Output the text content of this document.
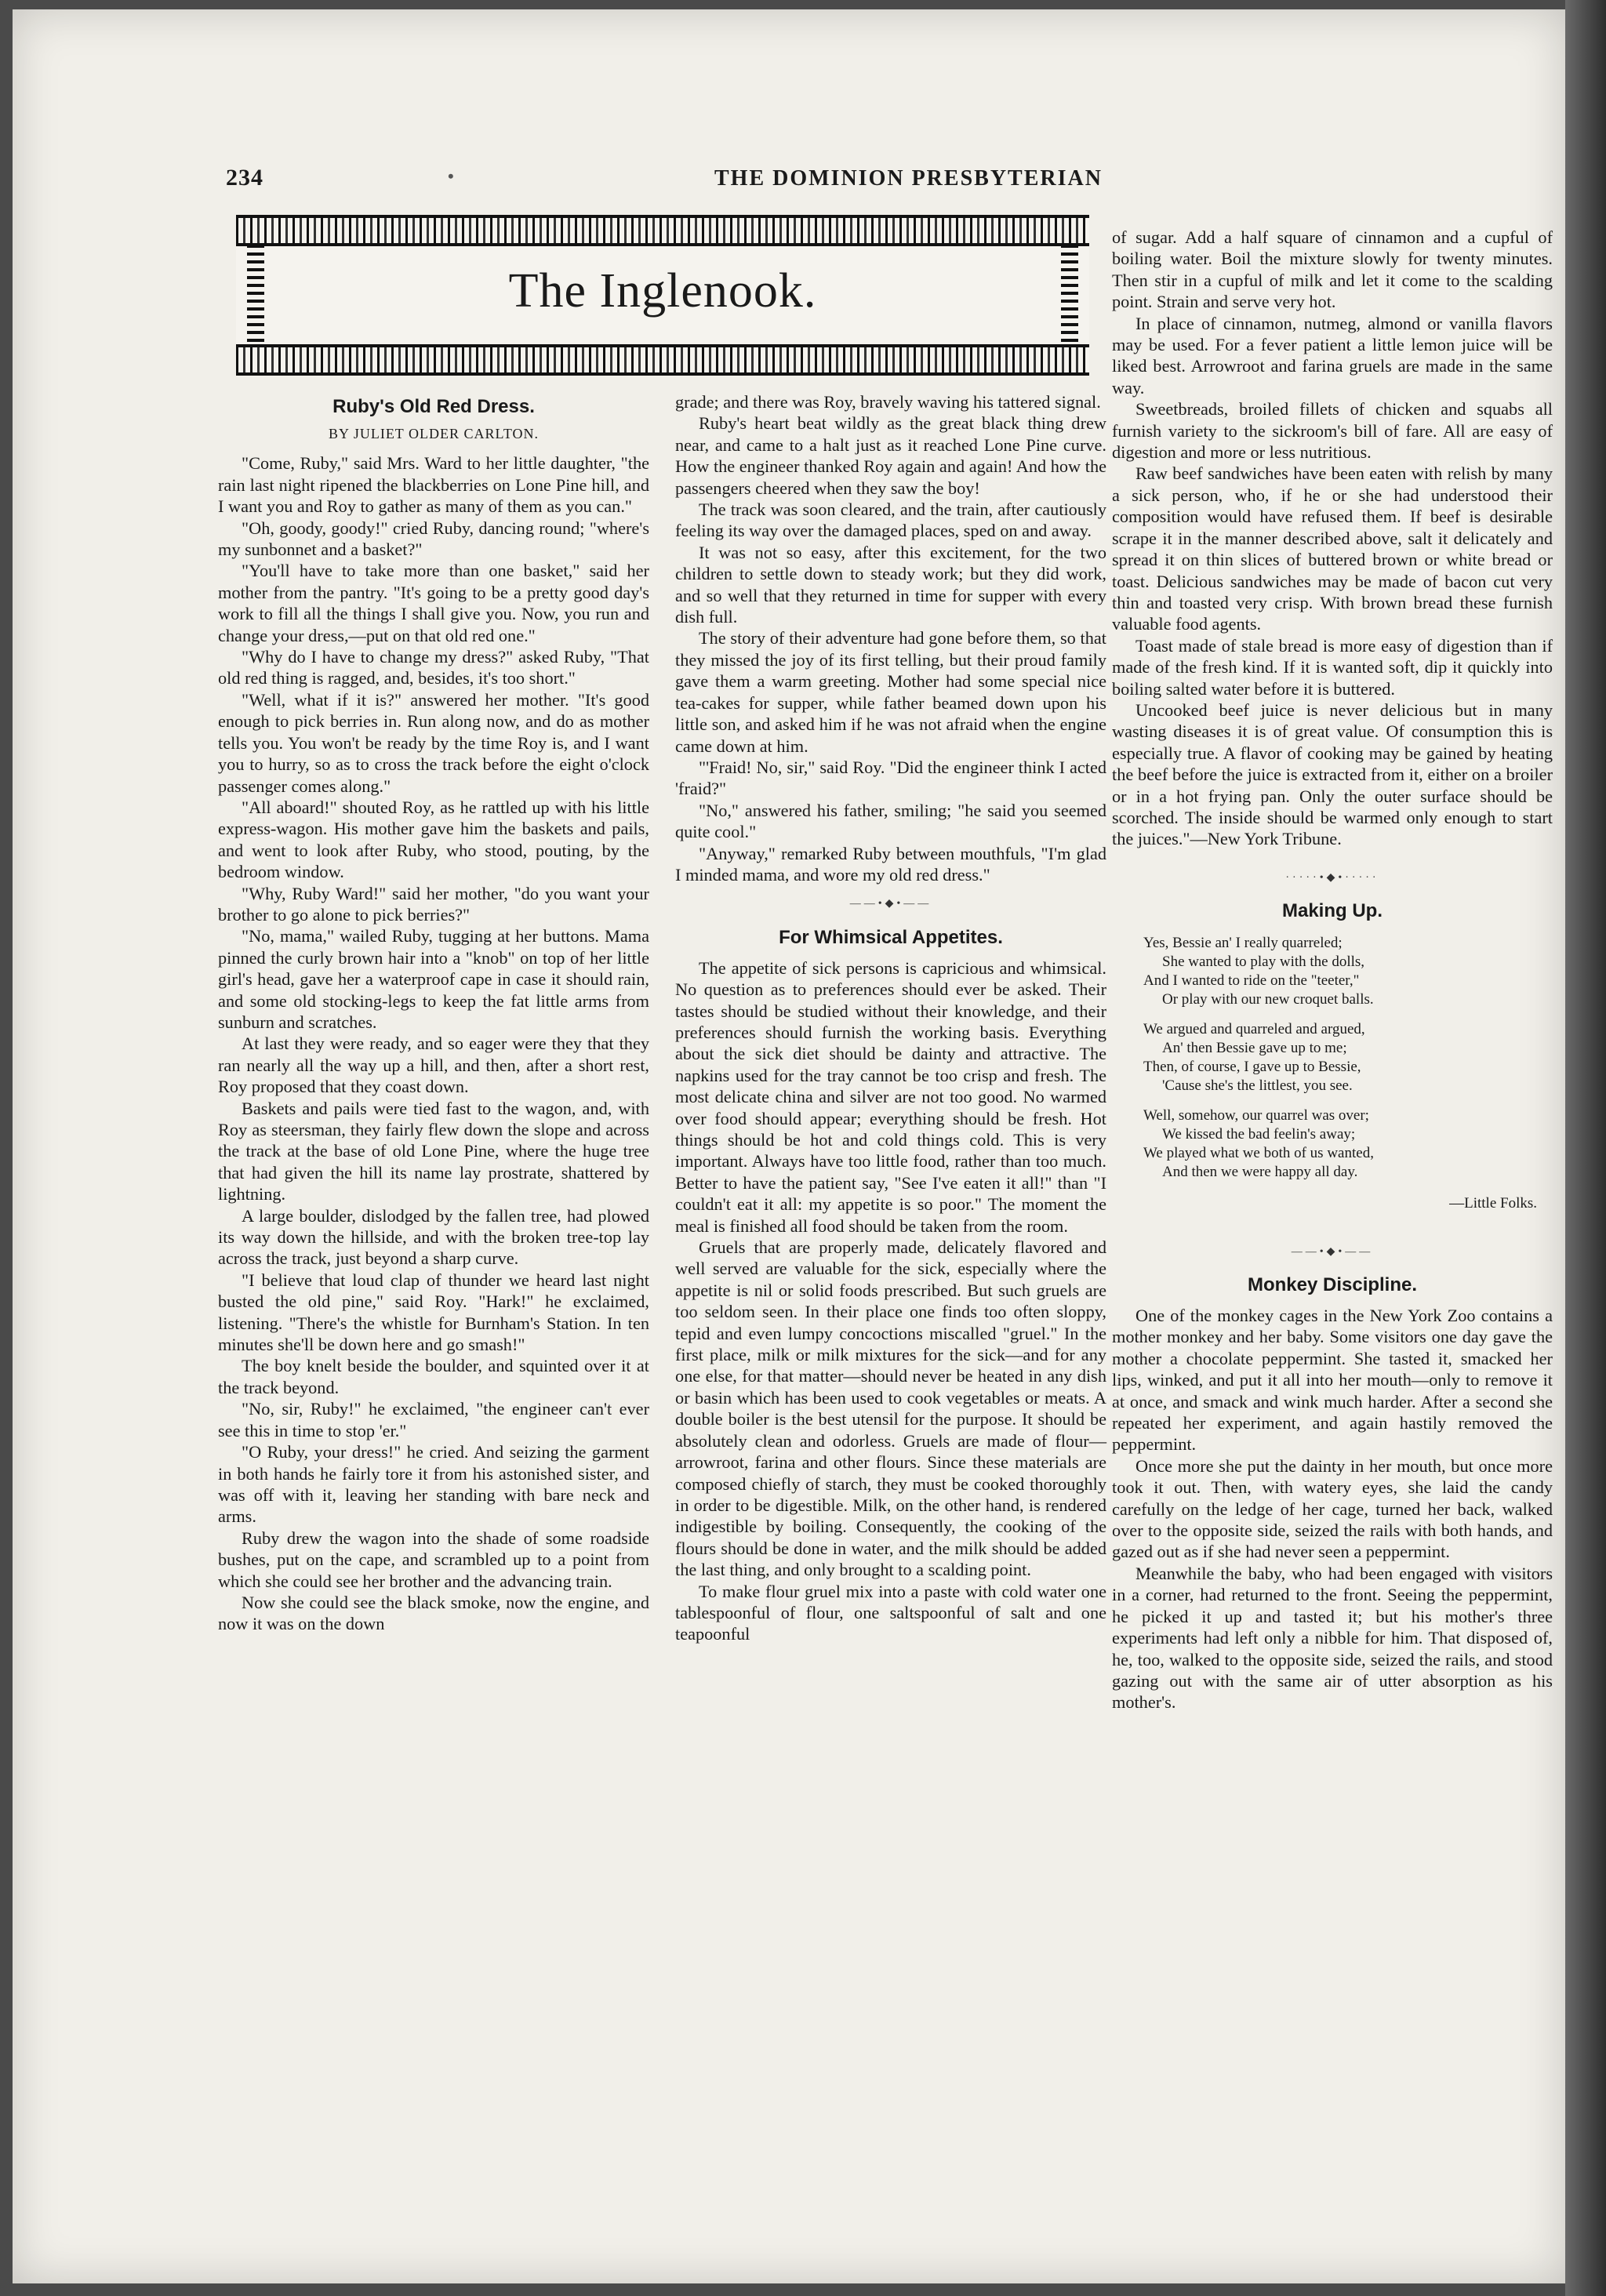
234	•	THE DOMINION PRESBYTERIAN
The Inglenook.
Ruby's Old Red Dress.
BY JULIET OLDER CARLTON.

"Come, Ruby," said Mrs. Ward to her little daughter, "the rain last night ripened the blackberries on Lone Pine hill, and I want you and Roy to gather as many of them as you can."

"Oh, goody, goody!" cried Ruby, dancing round; "where's my sunbonnet and a basket?"

"You'll have to take more than one basket," said her mother from the pantry. "It's going to be a pretty good day's work to fill all the things I shall give you. Now, you run and change your dress,—put on that old red one."

"Why do I have to change my dress?" asked Ruby, "That old red thing is ragged, and, besides, it's too short."

"Well, what if it is?" answered her mother. "It's good enough to pick berries in. Run along now, and do as mother tells you. You won't be ready by the time Roy is, and I want you to hurry, so as to cross the track before the eight o'clock passenger comes along."

"All aboard!" shouted Roy, as he rattled up with his little express-wagon. His mother gave him the baskets and pails, and went to look after Ruby, who stood, pouting, by the bedroom window.

"Why, Ruby Ward!" said her mother, "do you want your brother to go alone to pick berries?"

"No, mama," wailed Ruby, tugging at her buttons. Mama pinned the curly brown hair into a "knob" on top of her little girl's head, gave her a waterproof cape in case it should rain, and some old stocking-legs to keep the fat little arms from sunburn and scratches.

At last they were ready, and so eager were they that they ran nearly all the way up a hill, and then, after a short rest, Roy proposed that they coast down.

Baskets and pails were tied fast to the wagon, and, with Roy as steersman, they fairly flew down the slope and across the track at the base of old Lone Pine, where the huge tree that had given the hill its name lay prostrate, shattered by lightning.

A large boulder, dislodged by the fallen tree, had plowed its way down the hillside, and with the broken tree-top lay across the track, just beyond a sharp curve.

"I believe that loud clap of thunder we heard last night busted the old pine," said Roy. "Hark!" he exclaimed, listening. "There's the whistle for Burnham's Station. In ten minutes she'll be down here and go smash!"

The boy knelt beside the boulder, and squinted over it at the track beyond.

"No, sir, Ruby!" he exclaimed, "the engineer can't ever see this in time to stop 'er."

"O Ruby, your dress!" he cried. And seizing the garment in both hands he fairly tore it from his astonished sister, and was off with it, leaving her standing with bare neck and arms.

Ruby drew the wagon into the shade of some roadside bushes, put on the cape, and scrambled up to a point from which she could see her brother and the advancing train.

Now she could see the black smoke, now the engine, and now it was on the down

grade; and there was Roy, bravely waving his tattered signal.

Ruby's heart beat wildly as the great black thing drew near, and came to a halt just as it reached Lone Pine curve. How the engineer thanked Roy again and again! And how the passengers cheered when they saw the boy!

The track was soon cleared, and the train, after cautiously feeling its way over the damaged places, sped on and away.

It was not so easy, after this excitement, for the two children to settle down to steady work; but they did work, and so well that they returned in time for supper with every dish full.

The story of their adventure had gone before them, so that they missed the joy of its first telling, but their proud family gave them a warm greeting. Mother had some special nice tea-cakes for supper, while father beamed down upon his little son, and asked him if he was not afraid when the engine came down at him.

"'Fraid! No, sir," said Roy. "Did the engineer think I acted 'fraid?"

"No," answered his father, smiling; "he said you seemed quite cool."

"Anyway," remarked Ruby between mouthfuls, "I'm glad I minded mama, and wore my old red dress."

——•◆•——
For Whimsical Appetites.

The appetite of sick persons is capricious and whimsical. No question as to preferences should ever be asked. Their tastes should be studied without their knowledge, and their preferences should furnish the working basis. Everything about the sick diet should be dainty and attractive. The napkins used for the tray cannot be too crisp and fresh. The most delicate china and silver are not too good. No warmed over food should appear; everything should be fresh. Hot things should be hot and cold things cold. This is very important. Always have too little food, rather than too much. Better to have the patient say, "See I've eaten it all!" than "I couldn't eat it all: my appetite is so poor." The moment the meal is finished all food should be taken from the room.

Gruels that are properly made, delicately flavored and well served are valuable for the sick, especially where the appetite is nil or solid foods prescribed. But such gruels are too seldom seen. In their place one finds too often sloppy, tepid and even lumpy concoctions miscalled "gruel." In the first place, milk or milk mixtures for the sick—and for any one else, for that matter—should never be heated in any dish or basin which has been used to cook vegetables or meats. A double boiler is the best utensil for the purpose. It should be absolutely clean and odorless. Gruels are made of flour—arrowroot, farina and other flours. Since these materials are composed chiefly of starch, they must be cooked thoroughly in order to be digestible. Milk, on the other hand, is rendered indigestible by boiling. Consequently, the cooking of the flours should be done in water, and the milk should be added the last thing, and only brought to a scalding point.

To make flour gruel mix into a paste with cold water one tablespoonful of flour, one saltspoonful of salt and one teapoonful

of sugar. Add a half square of cinnamon and a cupful of boiling water. Boil the mixture slowly for twenty minutes. Then stir in a cupful of milk and let it come to the scalding point. Strain and serve very hot.

In place of cinnamon, nutmeg, almond or vanilla flavors may be used. For a fever patient a little lemon juice will be liked best. Arrowroot and farina gruels are made in the same way.

Sweetbreads, broiled fillets of chicken and squabs all furnish variety to the sickroom's bill of fare. All are easy of digestion and more or less nutritious.

Raw beef sandwiches have been eaten with relish by many a sick person, who, if he or she had understood their composition would have refused them. If beef is desirable scrape it in the manner described above, salt it delicately and spread it on thin slices of buttered brown or white bread or toast. Delicious sandwiches may be made of bacon cut very thin and toasted very crisp. With brown bread these furnish valuable food agents.

Toast made of stale bread is more easy of digestion than if made of the fresh kind. If it is wanted soft, dip it quickly into boiling salted water before it is buttered.

Uncooked beef juice is never delicious but in many wasting diseases it is of great value. Of consumption this is especially true. A flavor of cooking may be gained by heating the beef before the juice is extracted from it, either on a broiler or in a hot frying pan. Only the outer surface should be scorched. The inside should be warmed only enough to start the juices."—New York Tribune.

·····•◆•·····
Making Up.
Yes, Bessie an' I really quarreled;
She wanted to play with the dolls,
And I wanted to ride on the "teeter,"
Or play with our new croquet balls.
We argued and quarreled and argued,
An' then Bessie gave up to me;
Then, of course, I gave up to Bessie,
'Cause she's the littlest, you see.
Well, somehow, our quarrel was over;
We kissed the bad feelin's away;
We played what we both of us wanted,
And then we were happy all day.
—Little Folks.
——•◆•——
Monkey Discipline.

One of the monkey cages in the New York Zoo contains a mother monkey and her baby. Some visitors one day gave the mother a chocolate peppermint. She tasted it, smacked her lips, winked, and put it all into her mouth—only to remove it at once, and smack and wink much harder. After a second she repeated her experiment, and again hastily removed the peppermint.

Once more she put the dainty in her mouth, but once more took it out. Then, with watery eyes, she laid the candy carefully on the ledge of her cage, turned her back, walked over to the opposite side, seized the rails with both hands, and gazed out as if she had never seen a peppermint.

Meanwhile the baby, who had been engaged with visitors in a corner, had returned to the front. Seeing the peppermint, he picked it up and tasted it; but his mother's three experiments had left only a nibble for him. That disposed of, he, too, walked to the opposite side, seized the rails, and stood gazing out with the same air of utter absorption as his mother's.
